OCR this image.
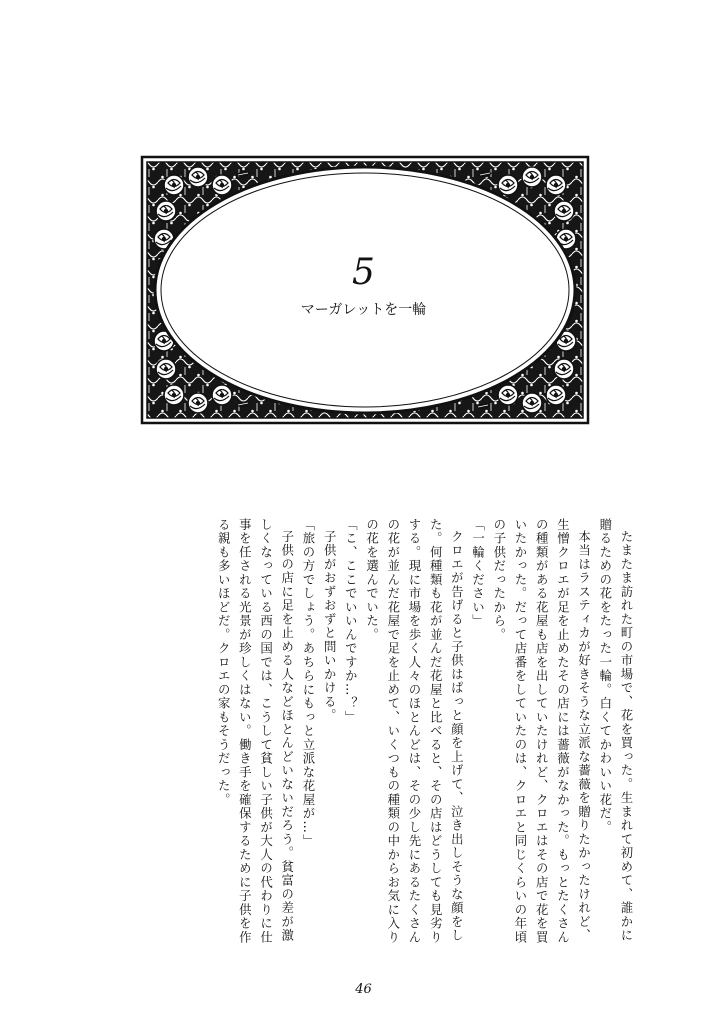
5
マーガレットを一輪

たまたま訪れた町の市場で、花を買った。生まれて初めて、誰かに贈るための花をたった一輪。白くてかわいい花だ。

本当はラスティカが好きそうな立派な薔薇を贈りたかったけれど、生憎クロエが足を止めたその店には薔薇がなかった。もっとたくさんの種類がある花屋も店を出していたけれど、クロエはその店で花を買いたかった。だって店番をしていたのは、クロエと同じくらいの年頃の子供だったから。

「一輪ください」

クロエが告げると子供はぱっと顔を上げて、泣き出しそうな顔をした。何種類も花が並んだ花屋と比べると、その店はどうしても見劣りする。現に市場を歩く人々のほとんどは、その少し先にあるたくさんの花が並んだ花屋で足を止めて、いくつもの種類の中からお気に入りの花を選んでいた。

「こ、ここでいいんですか…？」

子供がおずおずと問いかける。

「旅の方でしょう。あちらにもっと立派な花屋が…」

子供の店に足を止める人などほとんどいないだろう。貧富の差が激しくなっている西の国では、こうして貧しい子供が大人の代わりに仕事を任される光景が珍しくはない。働き手を確保するために子供を作る親も多いほどだ。クロエの家もそうだった。

46
